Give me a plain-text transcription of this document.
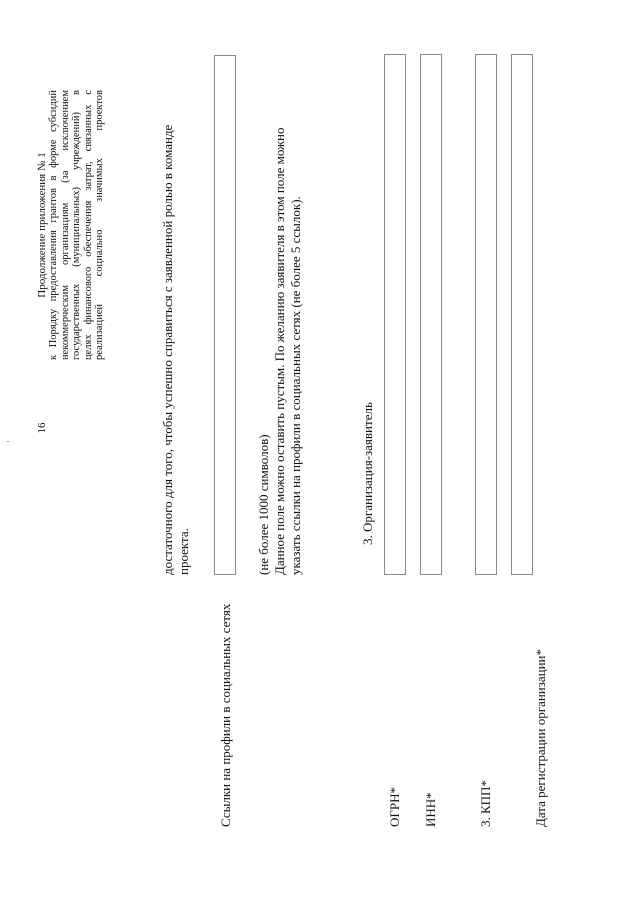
16
Продолжение приложения № 1 к Порядку предоставления грантов в форме субсидий некоммерческим организациям (за исключением государственных (муниципальных) учреждений) в целях финансового обеспечения затрат, связанных с реализацией социально значимых проектов	достаточного для того, чтобы успешно справиться с заявленной ролью в команде проекта.
Ссылки на профили в социальных сетях
(не более 1000 символов) Данное поле можно оставить пустым. По желанию заявителя в этом поле можно указать ссылки на профили в социальных сетях (не более 5 ссылок).	3. Организация-заявитель
ОГРН* ИНН*	3. КПП*	Дата регистрации организации*
